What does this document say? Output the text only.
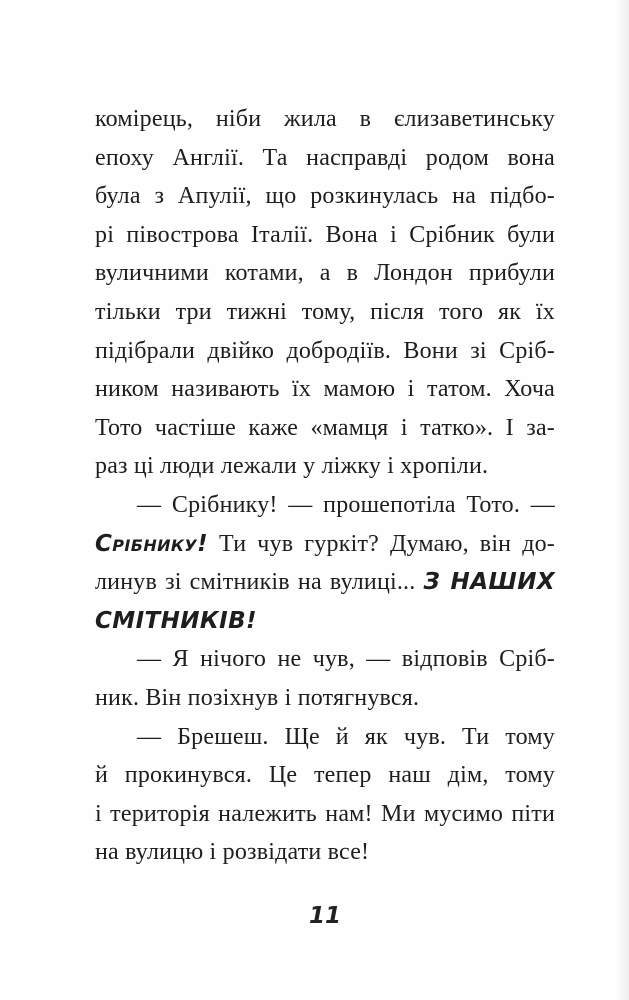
комірець, ніби жила в єлизаветинську
епоху Англії. Та насправді родом вона
була з Апулії, що розкинулась на підбо-
рі півострова Італії. Вона і Срібник були
вуличними котами, а в Лондон прибули
тільки три тижні тому, після того як їх
підібрали двійко добродіїв. Вони зі Сріб-
ником називають їх мамою і татом. Хоча
Тото частіше каже «мамця і татко». І за-
раз ці люди лежали у ліжку і хропіли.
— Срібнику! — прошепотіла Тото. —
Срібнику! Ти чув гуркіт? Думаю, він до-
линув зі смітників на вулиці... З НАШИХ
СМІТНИКІВ!
— Я нічого не чув, — відповів Сріб-
ник. Він позіхнув і потягнувся.
— Брешеш. Ще й як чув. Ти тому
й прокинувся. Це тепер наш дім, тому
і територія належить нам! Ми мусимо піти
на вулицю і розвідати все!
11
